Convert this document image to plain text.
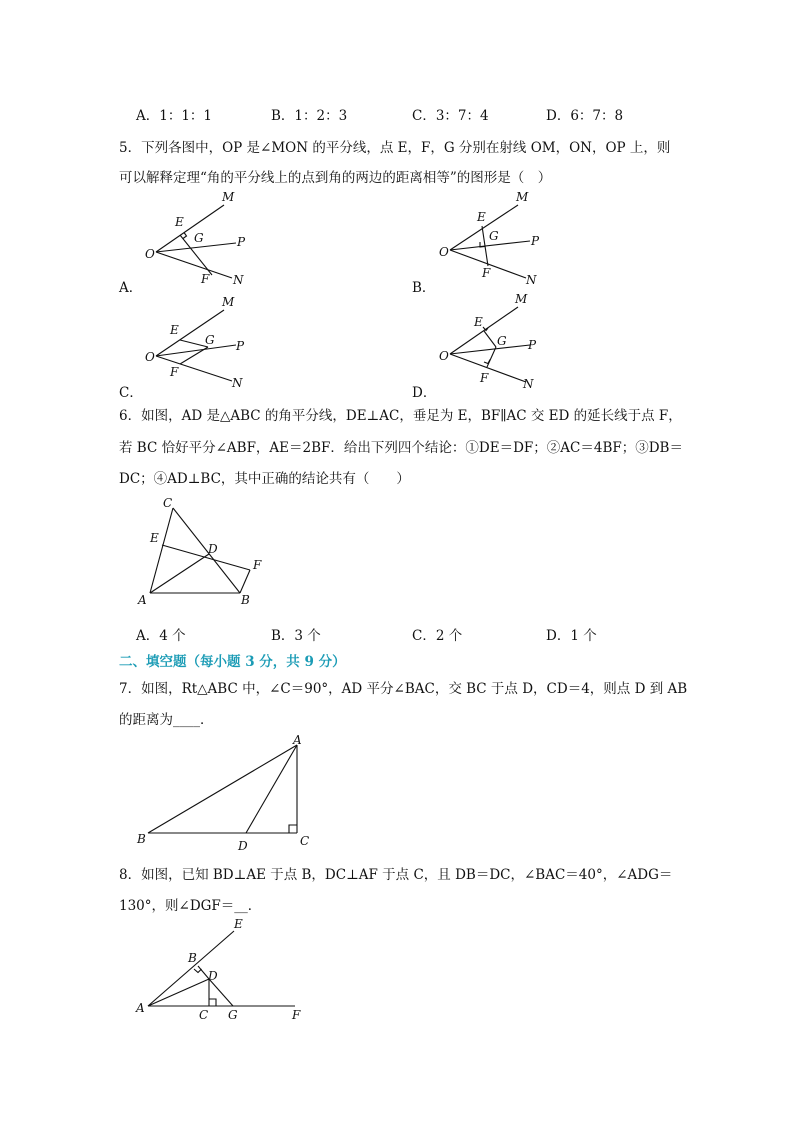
A．1：1：1	B．1：2：3	C．3：7：4	D．6：7：8
5．下列各图中，OP 是∠MON 的平分线，点 E，F，G 分别在射线 OM，ON，OP 上，则
可以解释定理“角的平分线上的点到角的两边的距离相等”的图形是（　）
O
E
G
F
M
P
N
A．
O
E
G
F
M
P
N
B．
O
E
G
F
M
P
N
C．
O
E
G
F
M
P
N
D．
6．如图，AD 是△ABC 的角平分线，DE⊥AC，垂足为 E，BF∥AC 交 ED 的延长线于点 F，
若 BC 恰好平分∠ABF，AE＝2BF．给出下列四个结论：①DE＝DF；②AC＝4BF；③DB＝
DC；④AD⊥BC，其中正确的结论共有（　　）
C
E
D
F
A	B
A．4 个	B．3 个	C．2 个	D．1 个
二、填空题（每小题 3 分，共 9 分）
7．如图，Rt△ABC 中，∠C＝90°，AD 平分∠BAC，交 BC 于点 D，CD＝4，则点 D 到 AB
的距离为____．
A
B	D	C
8．如图，已知 BD⊥AE 于点 B，DC⊥AF 于点 C，且 DB＝DC，∠BAC＝40°，∠ADG＝
130°，则∠DGF＝__．
E
B
D
A	C G	F
